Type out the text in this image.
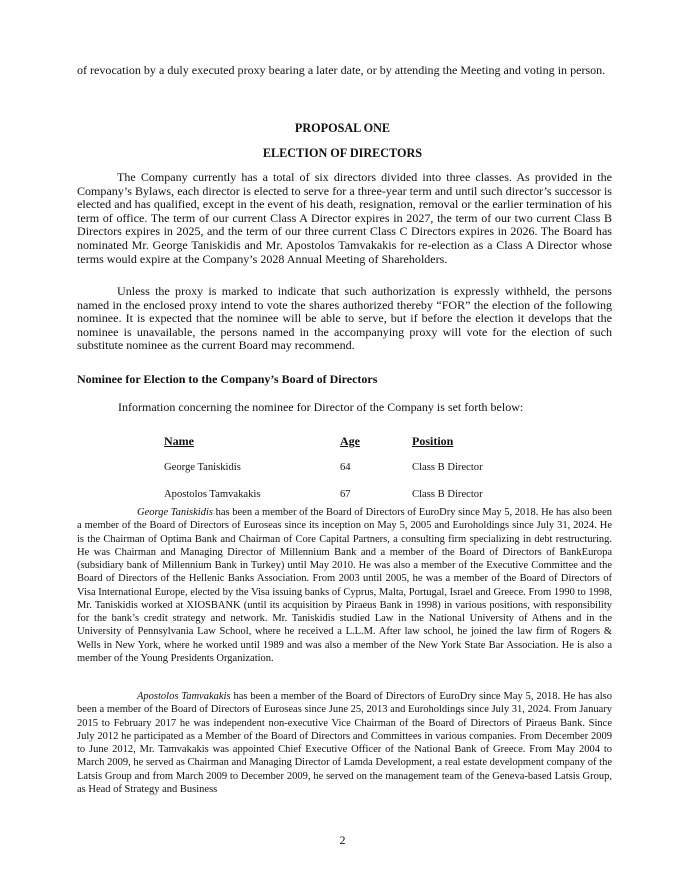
of revocation by a duly executed proxy bearing a later date, or by attending the Meeting and voting in person.

PROPOSAL ONE

ELECTION OF DIRECTORS

The Company currently has a total of six directors divided into three classes. As provided in the Company’s Bylaws, each director is elected to serve for a three-year term and until such director’s successor is elected and has qualified, except in the event of his death, resignation, removal or the earlier termination of his term of office. The term of our current Class A Director expires in 2027, the term of our two current Class B Directors expires in 2025, and the term of our three current Class C Directors expires in 2026. The Board has nominated Mr. George Taniskidis and Mr. Apostolos Tamvakakis for re-election as a Class A Director whose terms would expire at the Company’s 2028 Annual Meeting of Shareholders.

Unless the proxy is marked to indicate that such authorization is expressly withheld, the persons named in the enclosed proxy intend to vote the shares authorized thereby “FOR” the election of the following nominee. It is expected that the nominee will be able to serve, but if before the election it develops that the nominee is unavailable, the persons named in the accompanying proxy will vote for the election of such substitute nominee as the current Board may recommend.

Nominee for Election to the Company’s Board of Directors

Information concerning the nominee for Director of the Company is set forth below:

Name	Age	Position
George Taniskidis	64	Class B Director
Apostolos Tamvakakis	67	Class B Director

George Taniskidis has been a member of the Board of Directors of EuroDry since May 5, 2018. He has also been a member of the Board of Directors of Euroseas since its inception on May 5, 2005 and Euroholdings since July 31, 2024. He is the Chairman of Optima Bank and Chairman of Core Capital Partners, a consulting firm specializing in debt restructuring. He was Chairman and Managing Director of Millennium Bank and a member of the Board of Directors of BankEuropa (subsidiary bank of Millennium Bank in Turkey) until May 2010. He was also a member of the Executive Committee and the Board of Directors of the Hellenic Banks Association. From 2003 until 2005, he was a member of the Board of Directors of Visa International Europe, elected by the Visa issuing banks of Cyprus, Malta, Portugal, Israel and Greece. From 1990 to 1998, Mr. Taniskidis worked at XIOSBANK (until its acquisition by Piraeus Bank in 1998) in various positions, with responsibility for the bank’s credit strategy and network. Mr. Taniskidis studied Law in the National University of Athens and in the University of Pennsylvania Law School, where he received a L.L.M. After law school, he joined the law firm of Rogers & Wells in New York, where he worked until 1989 and was also a member of the New York State Bar Association. He is also a member of the Young Presidents Organization.

Apostolos Tamvakakis has been a member of the Board of Directors of EuroDry since May 5, 2018. He has also been a member of the Board of Directors of Euroseas since June 25, 2013 and Euroholdings since July 31, 2024. From January 2015 to February 2017 he was independent non-executive Vice Chairman of the Board of Directors of Piraeus Bank. Since July 2012 he participated as a Member of the Board of Directors and Committees in various companies. From December 2009 to June 2012, Mr. Tamvakakis was appointed Chief Executive Officer of the National Bank of Greece. From May 2004 to March 2009, he served as Chairman and Managing Director of Lamda Development, a real estate development company of the Latsis Group and from March 2009 to December 2009, he served on the management team of the Geneva-based Latsis Group, as Head of Strategy and Business

2
